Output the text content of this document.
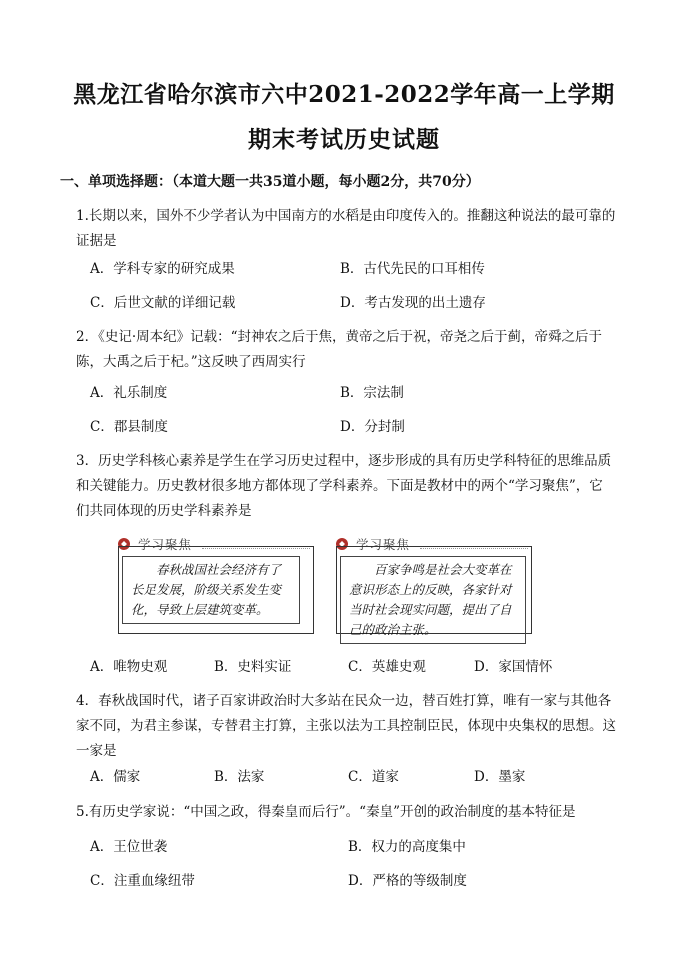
黑龙江省哈尔滨市六中2021-2022学年高一上学期
期末考试历史试题
一、单项选择题：（本道大题一共35道小题，每小题2分，共70分）
1.长期以来，国外不少学者认为中国南方的水稻是由印度传入的。推翻这种说法的最可靠的证据是
A．学科专家的研究成果	B．古代先民的口耳相传
C．后世文献的详细记载	D．考古发现的出土遗存
2．《史记·周本纪》记载：“封神农之后于焦，黄帝之后于祝，帝尧之后于蓟，帝舜之后于陈，大禹之后于杞。”这反映了西周实行
A．礼乐制度	B．宗法制
C．郡县制度	D．分封制
3．历史学科核心素养是学生在学习历史过程中，逐步形成的具有历史学科特征的思维品质和关键能力。历史教材很多地方都体现了学科素养。下面是教材中的两个“学习聚焦”，它们共同体现的历史学科素养是
学习聚焦
春秋战国社会经济有了长足发展，阶级关系发生变化，导致上层建筑变革。
学习聚焦
百家争鸣是社会大变革在意识形态上的反映，各家针对当时社会现实问题，提出了自己的政治主张。
A．唯物史观	B．史料实证	C．英雄史观	D．家国情怀
4．春秋战国时代，诸子百家讲政治时大多站在民众一边，替百姓打算，唯有一家与其他各家不同，为君主参谋，专替君主打算，主张以法为工具控制臣民，体现中央集权的思想。这一家是
A．儒家	B．法家	C．道家	D．墨家
5.有历史学家说：“中国之政，得秦皇而后行”。“秦皇”开创的政治制度的基本特征是
A．王位世袭	B．权力的高度集中
C．注重血缘纽带	D．严格的等级制度
